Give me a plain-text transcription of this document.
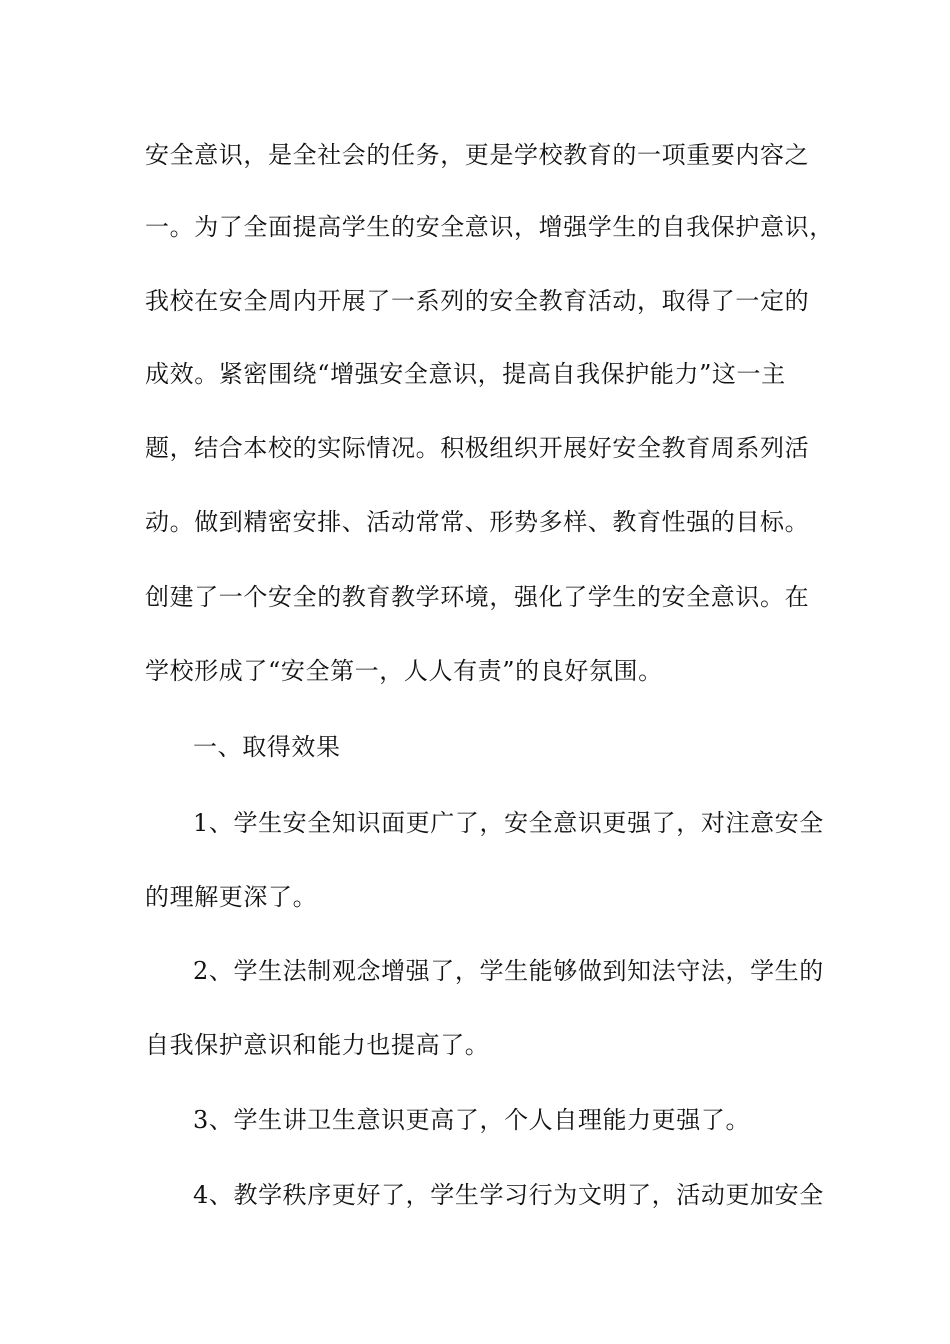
安全意识，是全社会的任务，更是学校教育的一项重要内容之
一。为了全面提高学生的安全意识，增强学生的自我保护意识，
我校在安全周内开展了一系列的安全教育活动，取得了一定的
成效。紧密围绕“增强安全意识，提高自我保护能力”这一主
题，结合本校的实际情况。积极组织开展好安全教育周系列活
动。做到精密安排、活动常常、形势多样、教育性强的目标。
创建了一个安全的教育教学环境，强化了学生的安全意识。在
学校形成了“安全第一，人人有责”的良好氛围。
一、取得效果
1、学生安全知识面更广了，安全意识更强了，对注意安全
的理解更深了。
2、学生法制观念增强了，学生能够做到知法守法，学生的
自我保护意识和能力也提高了。
3、学生讲卫生意识更高了，个人自理能力更强了。
4、教学秩序更好了，学生学习行为文明了，活动更加安全
